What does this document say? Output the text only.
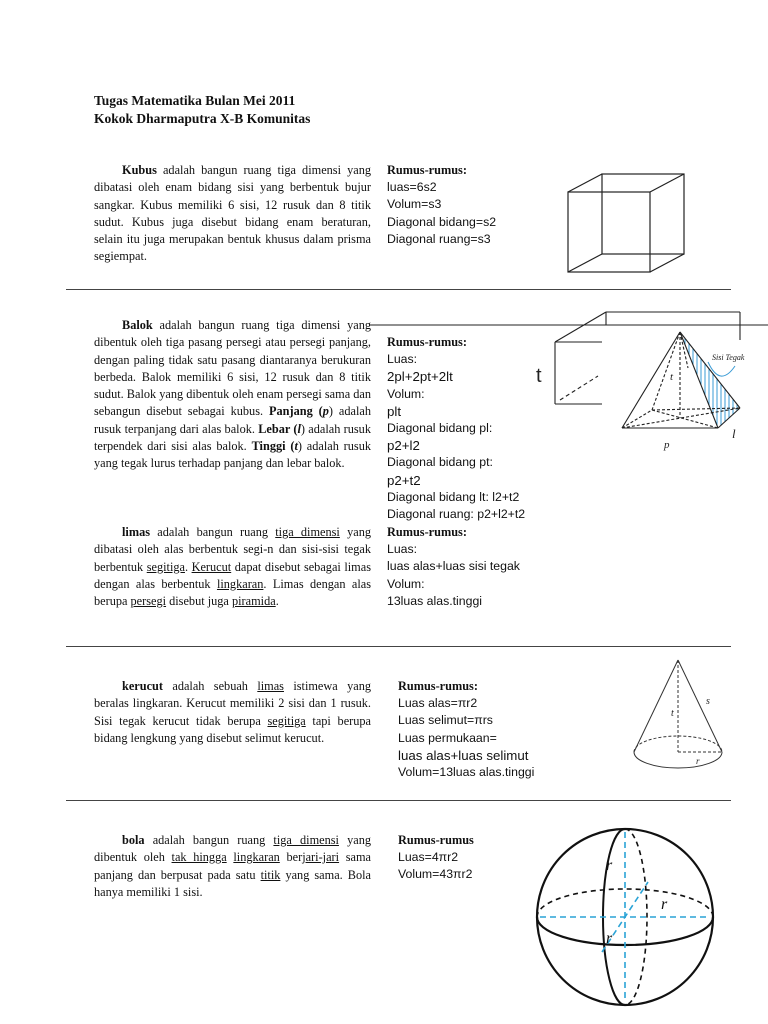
Tugas Matematika Bulan Mei 2011
Kokok Dharmaputra X-B Komunitas
Kubus adalah bangun ruang tiga dimensi yang dibatasi oleh enam bidang sisi yang berbentuk bujur sangkar. Kubus memiliki 6 sisi, 12 rusuk dan 8 titik sudut. Kubus juga disebut bidang enam beraturan, selain itu juga merupakan bentuk khusus dalam prisma segiempat.
Rumus-rumus:
luas=6s2
Volum=s3
Diagonal bidang=s2
Diagonal ruang=s3
Balok adalah bangun ruang tiga dimensi yang dibentuk oleh tiga pasang persegi atau persegi panjang, dengan paling tidak satu pasang diantaranya berukuran berbeda. Balok memiliki 6 sisi, 12 rusuk dan 8 titik sudut. Balok yang dibentuk oleh enam persegi sama dan sebangun disebut sebagai kubus. Panjang (p) adalah rusuk terpanjang dari alas balok. Lebar (l) adalah rusuk terpendek dari sisi alas balok. Tinggi (t) adalah rusuk yang tegak lurus terhadap panjang dan lebar balok.
Rumus-rumus:
Luas:
2pl+2pt+2lt
Volum:
plt
Diagonal bidang pl:
p2+l2
Diagonal bidang pt:
p2+t2
Diagonal bidang lt: l2+t2
Diagonal ruang: p2+l2+t2
t
Sisi Tegak
t
p
l
limas adalah bangun ruang tiga dimensi yang dibatasi oleh alas berbentuk segi-n dan sisi-sisi tegak berbentuk segitiga. Kerucut dapat disebut sebagai limas dengan alas berbentuk lingkaran. Limas dengan alas berupa persegi disebut juga piramida.
Rumus-rumus:
Luas:
luas alas+luas sisi tegak
Volum:
13luas alas.tinggi
kerucut adalah sebuah limas istimewa yang beralas lingkaran. Kerucut memiliki 2 sisi dan 1 rusuk. Sisi tegak kerucut tidak berupa segitiga tapi berupa bidang lengkung yang disebut selimut kerucut.
Rumus-rumus:
Luas alas=πr2
Luas selimut=πrs
Luas permukaan=
luas alas+luas selimut
Volum=13luas alas.tinggi
t
s
r
bola adalah bangun ruang tiga dimensi yang dibentuk oleh tak hingga lingkaran berjari-jari sama panjang dan berpusat pada satu titik yang sama. Bola hanya memiliki 1 sisi.
Rumus-rumus
Luas=4πr2
Volum=43πr2
r
r
r
